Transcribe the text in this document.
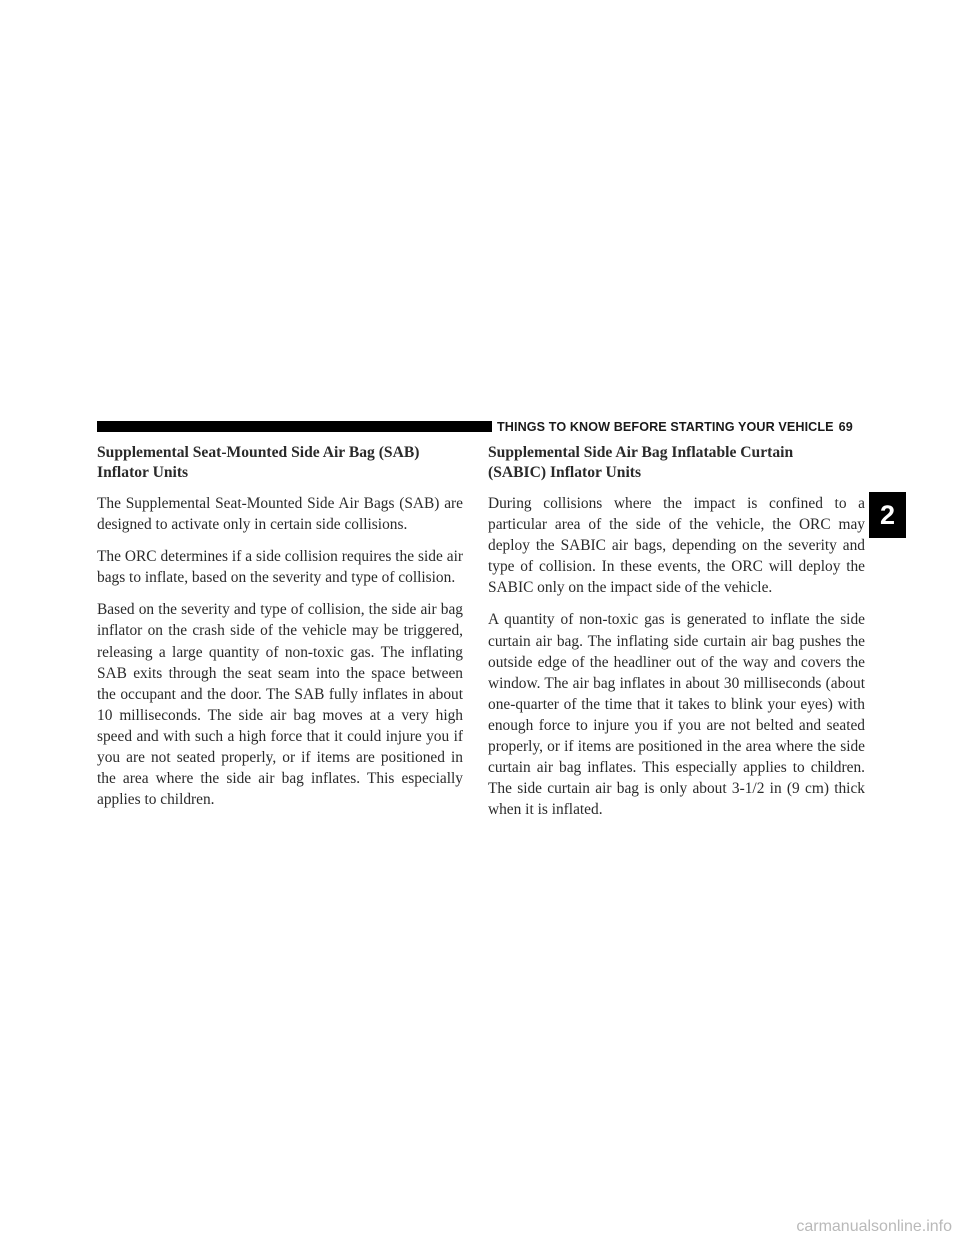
THINGS TO KNOW BEFORE STARTING YOUR VEHICLE 69
Supplemental Seat-Mounted Side Air Bag (SAB)
Inflator Units

The Supplemental Seat-Mounted Side Air Bags (SAB) are designed to activate only in certain side collisions.

The ORC determines if a side collision requires the side air bags to inflate, based on the severity and type of collision.

Based on the severity and type of collision, the side air bag inflator on the crash side of the vehicle may be triggered, releasing a large quantity of non-toxic gas. The inflating SAB exits through the seat seam into the space between the occupant and the door. The SAB fully inflates in about 10 milliseconds. The side air bag moves at a very high speed and with such a high force that it could injure you if you are not seated properly, or if items are positioned in the area where the side air bag inflates. This especially applies to children.

Supplemental Side Air Bag Inflatable Curtain
(SABIC) Inflator Units

During collisions where the impact is confined to a particular area of the side of the vehicle, the ORC may deploy the SABIC air bags, depending on the severity and type of collision. In these events, the ORC will deploy the SABIC only on the impact side of the vehicle.

A quantity of non-toxic gas is generated to inflate the side curtain air bag. The inflating side curtain air bag pushes the outside edge of the headliner out of the way and covers the window. The air bag inflates in about 30 milliseconds (about one-quarter of the time that it takes to blink your eyes) with enough force to injure you if you are not belted and seated properly, or if items are positioned in the area where the side curtain air bag inflates. This especially applies to children. The side curtain air bag is only about 3-1/2 in (9 cm) thick when it is inflated.

2
carmanualsonline.info
